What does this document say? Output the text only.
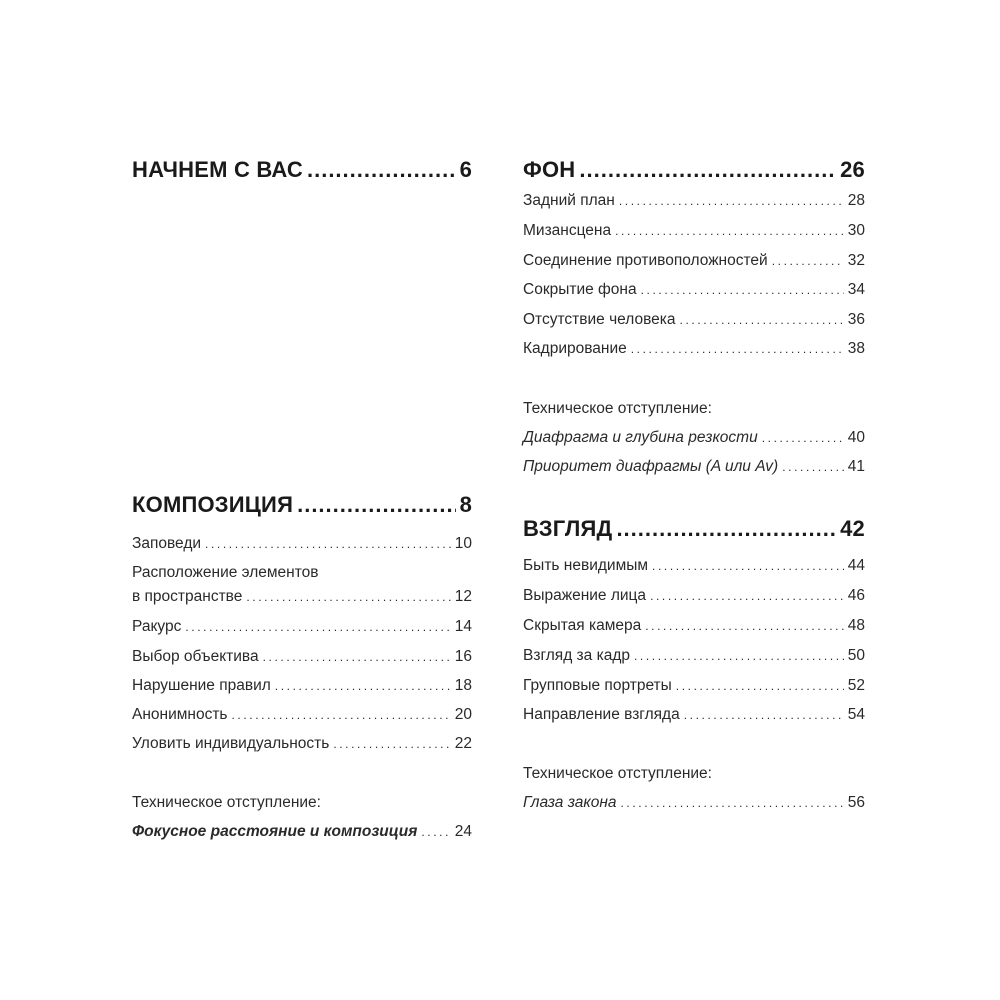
НАЧНЕМ С ВАС .....	6
КОМПОЗИЦИЯ .....	8
Заповеди .....	10
Расположение элементов
в пространстве .....	12
Ракурс .....	14
Выбор объектива .....	16
Нарушение правил .....	18
Анонимность .....	20
Уловить индивидуальность .....	22
Техническое отступление:
Фокусное расстояние и композиция ..... 24
ФОН .....	26
Задний план .....	28
Мизансцена .....	30
Соединение противоположностей .....	32
Сокрытие фона .....	34
Отсутствие человека .....	36
Кадрирование .....	38
Техническое отступление:
Диафрагма и глубина резкости .....	40
Приоритет диафрагмы (A или Av) .....	41
ВЗГЛЯД .....	42
Быть невидимым .....	44
Выражение лица .....	46
Скрытая камера .....	48
Взгляд за кадр .....	50
Групповые портреты .....	52
Направление взгляда .....	54
Техническое отступление:
Глаза закона .....	56
